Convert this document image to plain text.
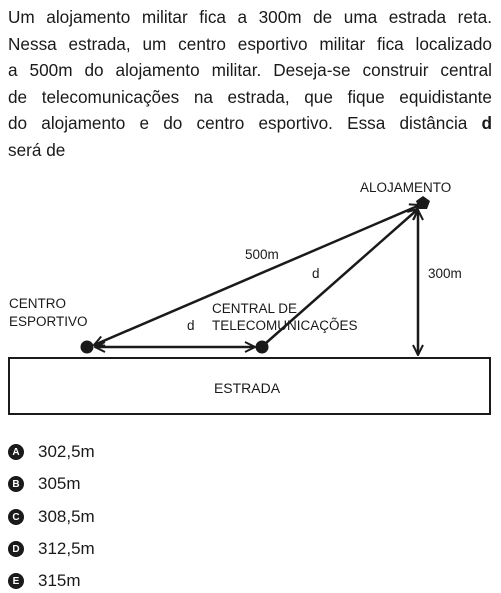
Um alojamento militar fica a 300m de uma estrada reta.
Nessa estrada, um centro esportivo militar fica localizado
a 500m do alojamento militar. Deseja-se construir central
de telecomunicações na estrada, que fique equidistante
do alojamento e do centro esportivo. Essa distância d
será de
ESTRADA
ALOJAMENTO
CENTRO
ESPORTIVO
CENTRAL DE
TELECOMUNICAÇÕES
500m
d
d
300m
A 302,5m
B 305m
C 308,5m
D 312,5m
E 315m
